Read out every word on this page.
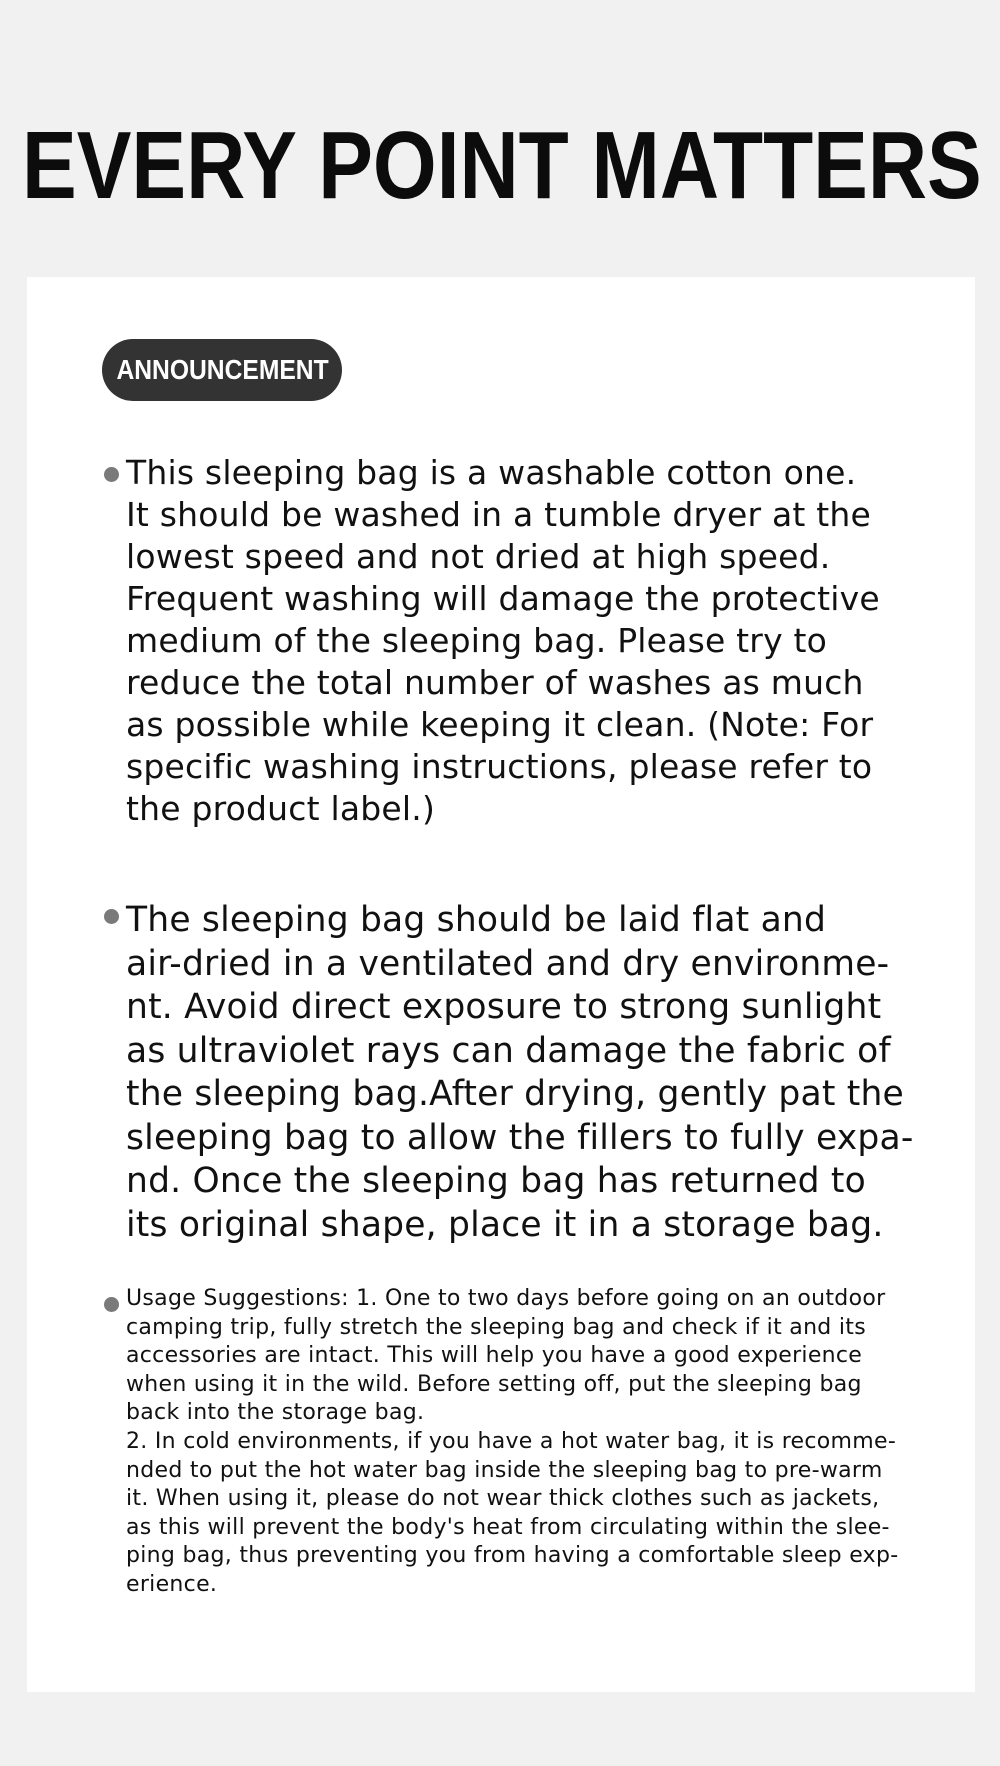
EVERY POINT MATTERS
ANNOUNCEMENT

This sleeping bag is a washable cotton one.
It should be washed in a tumble dryer at the
lowest speed and not dried at high speed.
Frequent washing will damage the protective
medium of the sleeping bag. Please try to
reduce the total number of washes as much
as possible while keeping it clean. (Note: For
specific washing instructions, please refer to
the product label.)

The sleeping bag should be laid flat and
air-dried in a ventilated and dry environme-
nt. Avoid direct exposure to strong sunlight
as ultraviolet rays can damage the fabric of
the sleeping bag.After drying, gently pat the
sleeping bag to allow the fillers to fully expa-
nd. Once the sleeping bag has returned to
its original shape, place it in a storage bag.

Usage Suggestions: 1. One to two days before going on an outdoor
camping trip, fully stretch the sleeping bag and check if it and its
accessories are intact. This will help you have a good experience
when using it in the wild. Before setting off, put the sleeping bag
back into the storage bag.
2. In cold environments, if you have a hot water bag, it is recomme-
nded to put the hot water bag inside the sleeping bag to pre-warm
it. When using it, please do not wear thick clothes such as jackets,
as this will prevent the body's heat from circulating within the slee-
ping bag, thus preventing you from having a comfortable sleep exp-
erience.
